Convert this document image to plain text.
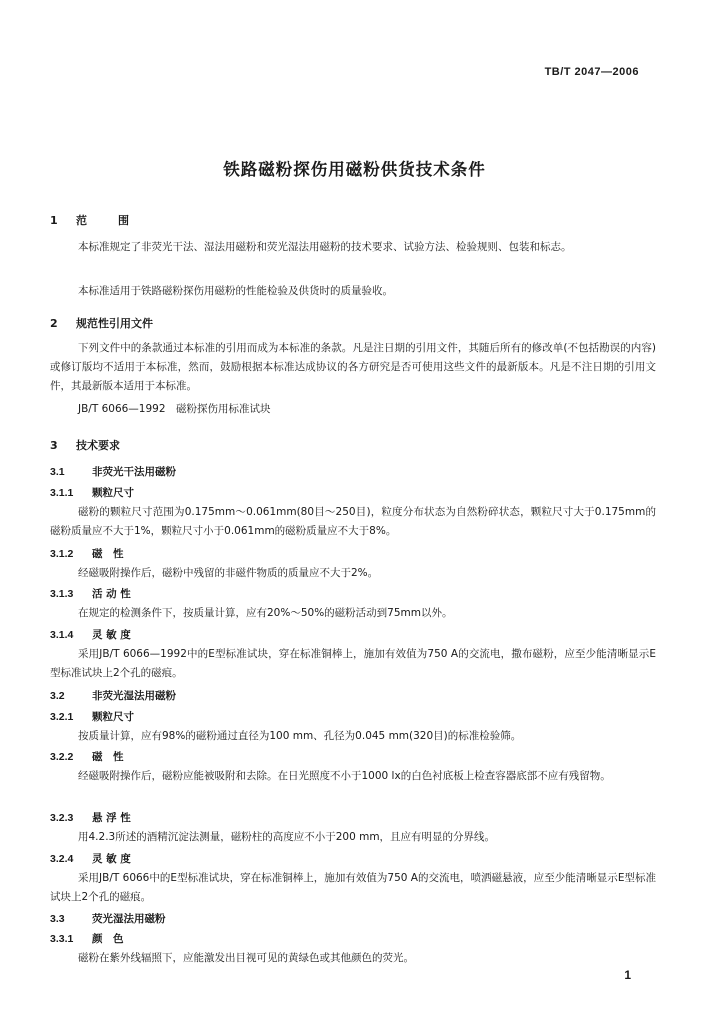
TB/T 2047—2006
铁路磁粉探伤用磁粉供货技术条件
1 范　围
本标准规定了非荧光干法、湿法用磁粉和荧光湿法用磁粉的技术要求、试验方法、检验规则、包装和标志。
本标准适用于铁路磁粉探伤用磁粉的性能检验及供货时的质量验收。
2 规范性引用文件
下列文件中的条款通过本标准的引用而成为本标准的条款。凡是注日期的引用文件，其随后所有的修改单(不包括勘误的内容)或修订版均不适用于本标准，然而，鼓励根据本标准达成协议的各方研究是否可使用这些文件的最新版本。凡是不注日期的引用文件，其最新版本适用于本标准。
JB/T 6066—1992　磁粉探伤用标准试块
3 技术要求
3.1	非荧光干法用磁粉
3.1.1 颗粒尺寸
磁粉的颗粒尺寸范围为0.175mm～0.061mm(80目～250目)，粒度分布状态为自然粉碎状态，颗粒尺寸大于0.175mm的磁粉质量应不大于1%，颗粒尺寸小于0.061mm的磁粉质量应不大于8%。
3.1.2 磁　性
经磁吸附操作后，磁粉中残留的非磁件物质的质量应不大于2%。
3.1.3 活 动 性
在规定的检测条件下，按质量计算，应有20%～50%的磁粉活动到75mm以外。
3.1.4 灵 敏 度
采用JB/T 6066—1992中的E型标准试块，穿在标准铜棒上，施加有效值为750 A的交流电，撒布磁粉，应至少能清晰显示E型标准试块上2个孔的磁痕。
3.2	非荧光湿法用磁粉
3.2.1 颗粒尺寸
按质量计算，应有98%的磁粉通过直径为100 mm、孔径为0.045 mm(320目)的标准检验筛。
3.2.2 磁　性
经磁吸附操作后，磁粉应能被吸附和去除。在日光照度不小于1000 lx的白色衬底板上检查容器底部不应有残留物。
3.2.3 悬 浮 性
用4.2.3所述的酒精沉淀法测量，磁粉柱的高度应不小于200 mm，且应有明显的分界线。
3.2.4 灵 敏 度
采用JB/T 6066中的E型标准试块，穿在标准铜棒上，施加有效值为750 A的交流电，喷洒磁悬液，应至少能清晰显示E型标准试块上2个孔的磁痕。
3.3	荧光湿法用磁粉
3.3.1 颜　色
磁粉在紫外线辐照下，应能激发出目视可见的黄绿色或其他颜色的荧光。
1
